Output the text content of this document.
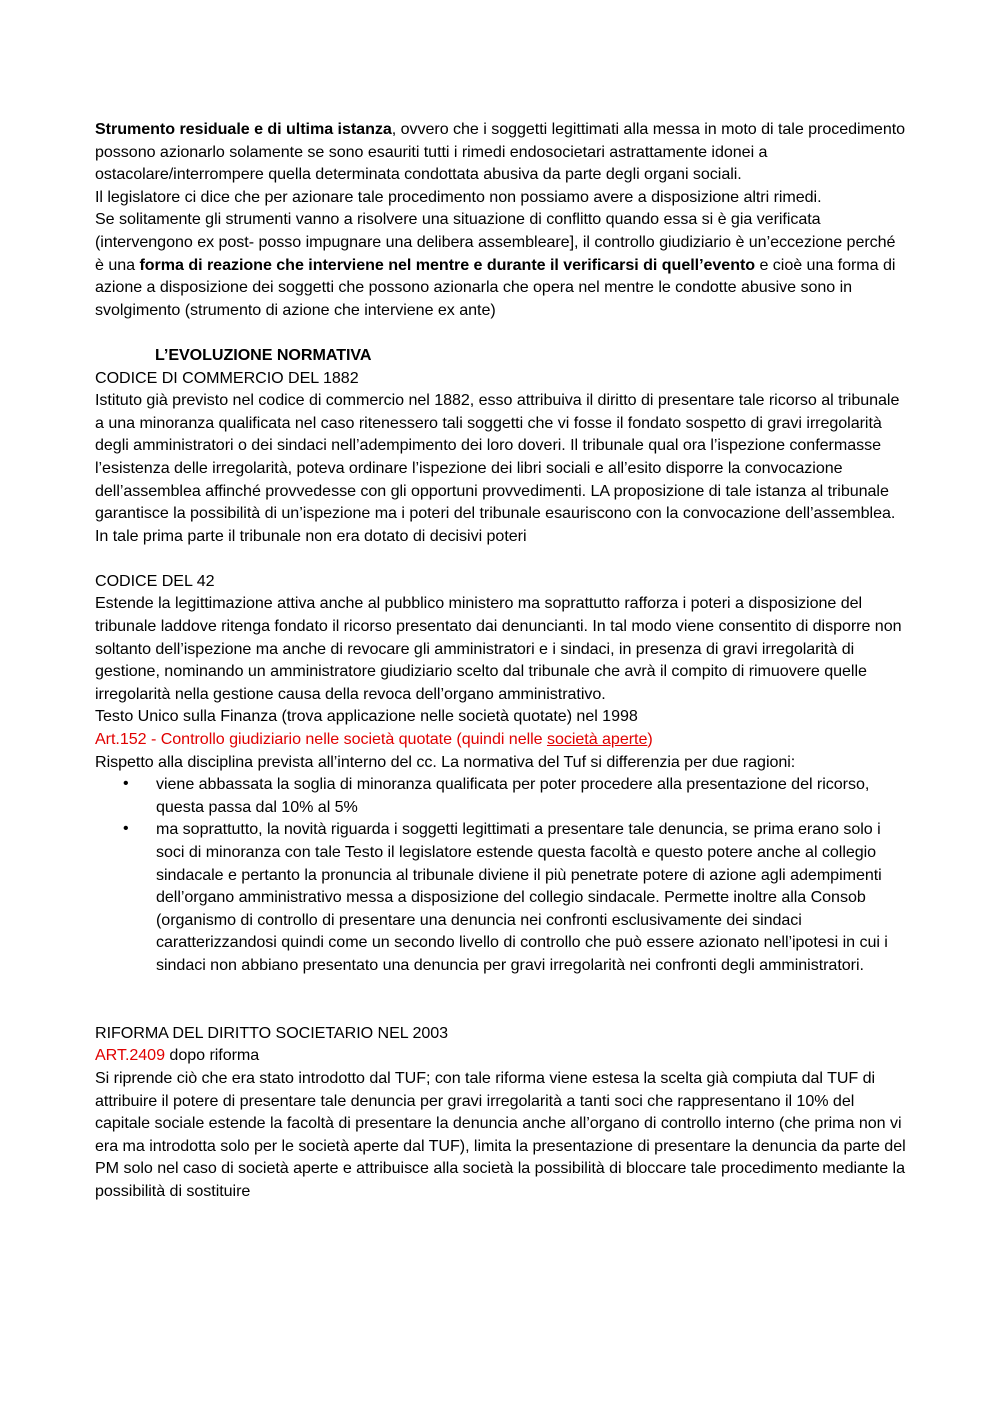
Strumento residuale e di ultima istanza, ovvero che i soggetti legittimati alla messa in moto di tale procedimento possono azionarlo solamente se sono esauriti tutti i rimedi endosocietari astrattamente idonei a ostacolare/interrompere quella determinata condottata abusiva da parte degli organi sociali.

Il legislatore ci dice che per azionare tale procedimento non possiamo avere a disposizione altri rimedi.

Se solitamente gli strumenti vanno a risolvere una situazione di conflitto quando essa si è gia verificata (intervengono ex post- posso impugnare una delibera assembleare], il controllo giudiziario è un’eccezione perché è una forma di reazione che interviene nel mentre e durante il verificarsi di quell’evento e cioè una forma di azione a disposizione dei soggetti che possono azionarla che opera nel mentre le condotte abusive sono in svolgimento (strumento di azione che interviene ex ante)

L’EVOLUZIONE NORMATIVA

CODICE DI COMMERCIO DEL 1882

Istituto già previsto nel codice di commercio nel 1882, esso attribuiva il diritto di presentare tale ricorso al tribunale a una minoranza qualificata nel caso ritenessero tali soggetti che vi fosse il fondato sospetto di gravi irregolarità degli amministratori o dei sindaci nell’adempimento dei loro doveri. Il tribunale qual ora l’ispezione confermasse l’esistenza delle irregolarità, poteva ordinare l’ispezione dei libri sociali e all’esito disporre la convocazione dell’assemblea affinché provvedesse con gli opportuni provvedimenti. LA proposizione di tale istanza al tribunale garantisce la possibilità di un’ispezione ma i poteri del tribunale esauriscono con la convocazione dell’assemblea. In tale prima parte il tribunale non era dotato di decisivi poteri

CODICE DEL 42

Estende la legittimazione attiva anche al pubblico ministero ma soprattutto rafforza i poteri a disposizione del tribunale laddove ritenga fondato il ricorso presentato dai denuncianti. In tal modo viene consentito di disporre non soltanto dell’ispezione ma anche di revocare gli amministratori e i sindaci, in presenza di gravi irregolarità di gestione, nominando un amministratore giudiziario scelto dal tribunale che avrà il compito di rimuovere quelle irregolarità nella gestione causa della revoca dell’organo amministrativo.

Testo Unico sulla Finanza (trova applicazione nelle società quotate) nel 1998

Art.152 - Controllo giudiziario nelle società quotate (quindi nelle società aperte)

Rispetto alla disciplina prevista all’interno del cc. La normativa del Tuf si differenzia per due ragioni:

• viene abbassata la soglia di minoranza qualificata per poter procedere alla presentazione del ricorso, questa passa dal 10% al 5%
• ma soprattutto, la novità riguarda i soggetti legittimati a presentare tale denuncia, se prima erano solo i soci di minoranza con tale Testo il legislatore estende questa facoltà e questo potere anche al collegio sindacale e pertanto la pronuncia al tribunale diviene il più penetrate potere di azione agli adempimenti dell’organo amministrativo messa a disposizione del collegio sindacale. Permette inoltre alla Consob (organismo di controllo di presentare una denuncia nei confronti esclusivamente dei sindaci caratterizzandosi quindi come un secondo livello di controllo che può essere azionato nell’ipotesi in cui i sindaci non abbiano presentato una denuncia per gravi irregolarità nei confronti degli amministratori.

RIFORMA DEL DIRITTO SOCIETARIO NEL 2003

ART.2409 dopo riforma

Si riprende ciò che era stato introdotto dal TUF; con tale riforma viene estesa la scelta già compiuta dal TUF di attribuire il potere di presentare tale denuncia per gravi irregolarità a tanti soci che rappresentano il 10% del capitale sociale estende la facoltà di presentare la denuncia anche all’organo di controllo interno (che prima non vi era ma introdotta solo per le società aperte dal TUF), limita la presentazione di presentare la denuncia da parte del PM solo nel caso di società aperte e attribuisce alla società la possibilità di bloccare tale procedimento mediante la possibilità di sostituire
